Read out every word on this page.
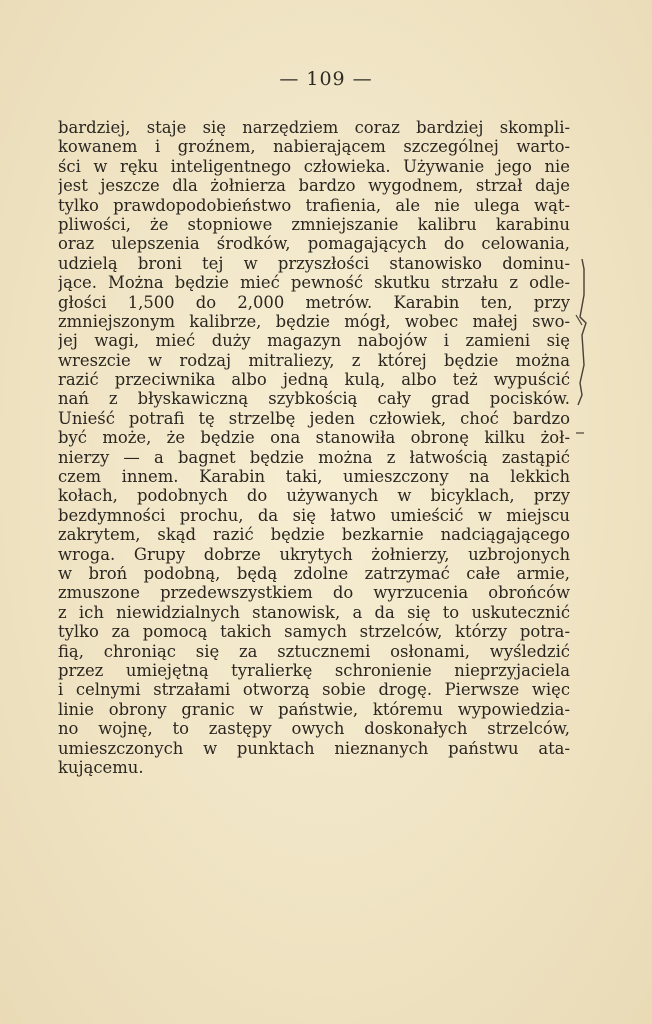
— 109 —
bardziej, staje się narzędziem coraz bardziej skompli-
kowanem i groźnem, nabierającem szczególnej warto-
ści w ręku inteligentnego człowieka. Używanie jego nie
jest jeszcze dla żołnierza bardzo wygodnem, strzał daje
tylko prawdopodobieństwo trafienia, ale nie ulega wąt-
pliwości, że stopniowe zmniejszanie kalibru karabinu
oraz ulepszenia środków, pomagających do celowania,
udzielą broni tej w przyszłości stanowisko dominu-
jące. Można będzie mieć pewność skutku strzału z odle-
głości 1,500 do 2,000 metrów. Karabin ten, przy
zmniejszonym kalibrze, będzie mógł, wobec małej swo-
jej wagi, mieć duży magazyn nabojów i zamieni się
wreszcie w rodzaj mitraliezy, z której będzie można
razić przeciwnika albo jedną kulą, albo też wypuścić
nań z błyskawiczną szybkością cały grad pocisków.
Unieść potrafi tę strzelbę jeden człowiek, choć bardzo
być może, że będzie ona stanowiła obronę kilku żoł-
nierzy — a bagnet będzie można z łatwością zastąpić
czem innem. Karabin taki, umieszczony na lekkich
kołach, podobnych do używanych w bicyklach, przy
bezdymności prochu, da się łatwo umieścić w miejscu
zakrytem, skąd razić będzie bezkarnie nadciągającego
wroga. Grupy dobrze ukrytych żołnierzy, uzbrojonych
w broń podobną, będą zdolne zatrzymać całe armie,
zmuszone przedewszystkiem do wyrzucenia obrońców
z ich niewidzialnych stanowisk, a da się to uskutecznić
tylko za pomocą takich samych strzelców, którzy potra-
fią, chroniąc się za sztucznemi osłonami, wyśledzić
przez umiejętną tyralierkę schronienie nieprzyjaciela
i celnymi strzałami otworzą sobie drogę. Pierwsze więc
linie obrony granic w państwie, któremu wypowiedzia-
no wojnę, to zastępy owych doskonałych strzelców,
umieszczonych w punktach nieznanych państwu ata-
kującemu.
